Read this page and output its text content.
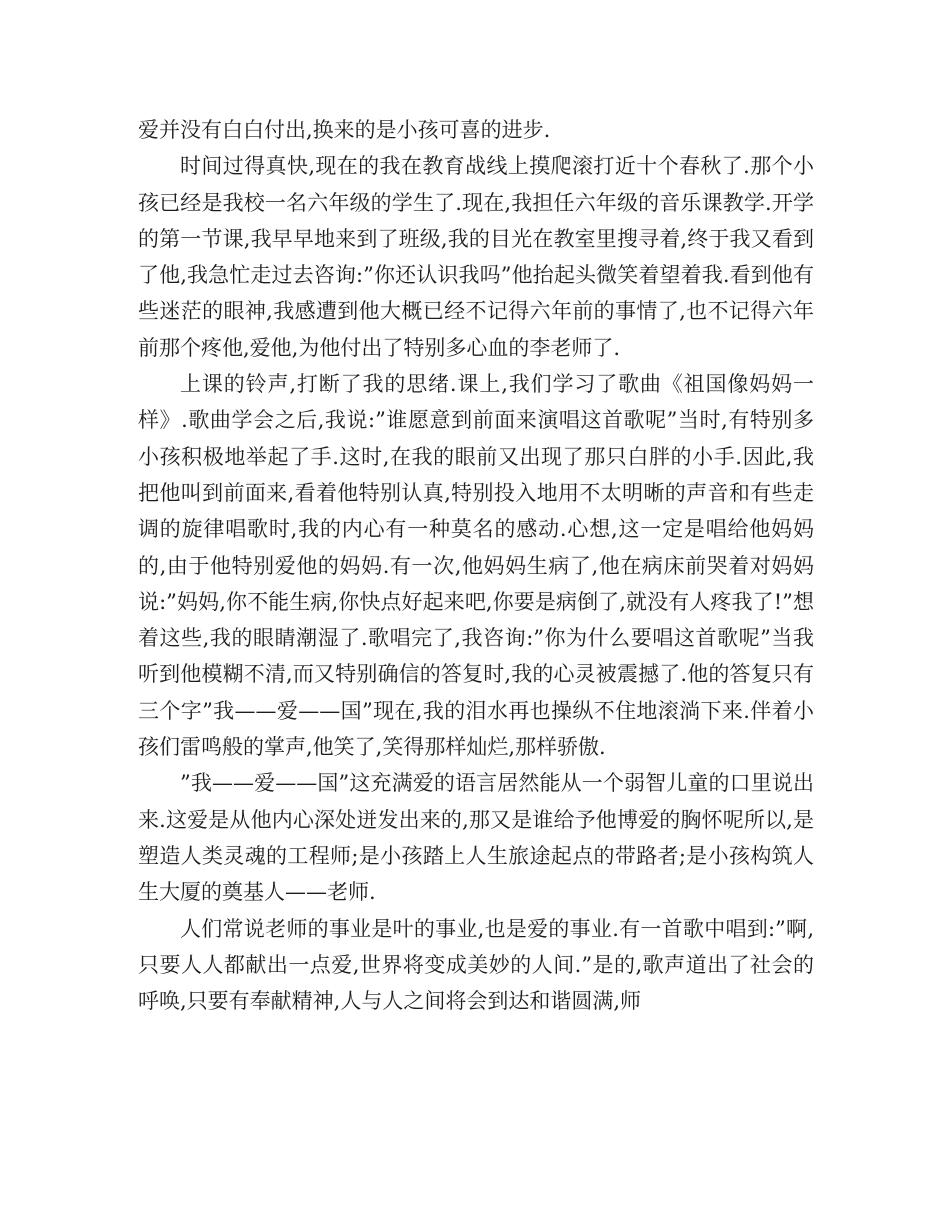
爱并没有白白付出,换来的是小孩可喜的进步.

时间过得真快,现在的我在教育战线上摸爬滚打近十个春秋了.那个小孩已经是我校一名六年级的学生了.现在,我担任六年级的音乐课教学.开学的第一节课,我早早地来到了班级,我的目光在教室里搜寻着,终于我又看到了他,我急忙走过去咨询:”你还认识我吗”他抬起头微笑着望着我.看到他有些迷茫的眼神,我感遭到他大概已经不记得六年前的事情了,也不记得六年前那个疼他,爱他,为他付出了特别多心血的李老师了.

上课的铃声,打断了我的思绪.课上,我们学习了歌曲《祖国像妈妈一样》.歌曲学会之后,我说:”谁愿意到前面来演唱这首歌呢”当时,有特别多小孩积极地举起了手.这时,在我的眼前又出现了那只白胖的小手.因此,我把他叫到前面来,看着他特别认真,特别投入地用不太明晰的声音和有些走调的旋律唱歌时,我的内心有一种莫名的感动.心想,这一定是唱给他妈妈的,由于他特别爱他的妈妈.有一次,他妈妈生病了,他在病床前哭着对妈妈说:”妈妈,你不能生病,你快点好起来吧,你要是病倒了,就没有人疼我了!”想着这些,我的眼睛潮湿了.歌唱完了,我咨询:”你为什么要唱这首歌呢”当我听到他模糊不清,而又特别确信的答复时,我的心灵被震撼了.他的答复只有三个字”我——爱——国”现在,我的泪水再也操纵不住地滚淌下来.伴着小孩们雷鸣般的掌声,他笑了,笑得那样灿烂,那样骄傲.

”我——爱——国”这充满爱的语言居然能从一个弱智儿童的口里说出来.这爱是从他内心深处迸发出来的,那又是谁给予他博爱的胸怀呢所以,是塑造人类灵魂的工程师;是小孩踏上人生旅途起点的带路者;是小孩构筑人生大厦的奠基人——老师.

人们常说老师的事业是叶的事业,也是爱的事业.有一首歌中唱到:”啊,只要人人都献出一点爱,世界将变成美妙的人间.”是的,歌声道出了社会的呼唤,只要有奉献精神,人与人之间将会到达和谐圆满,师
